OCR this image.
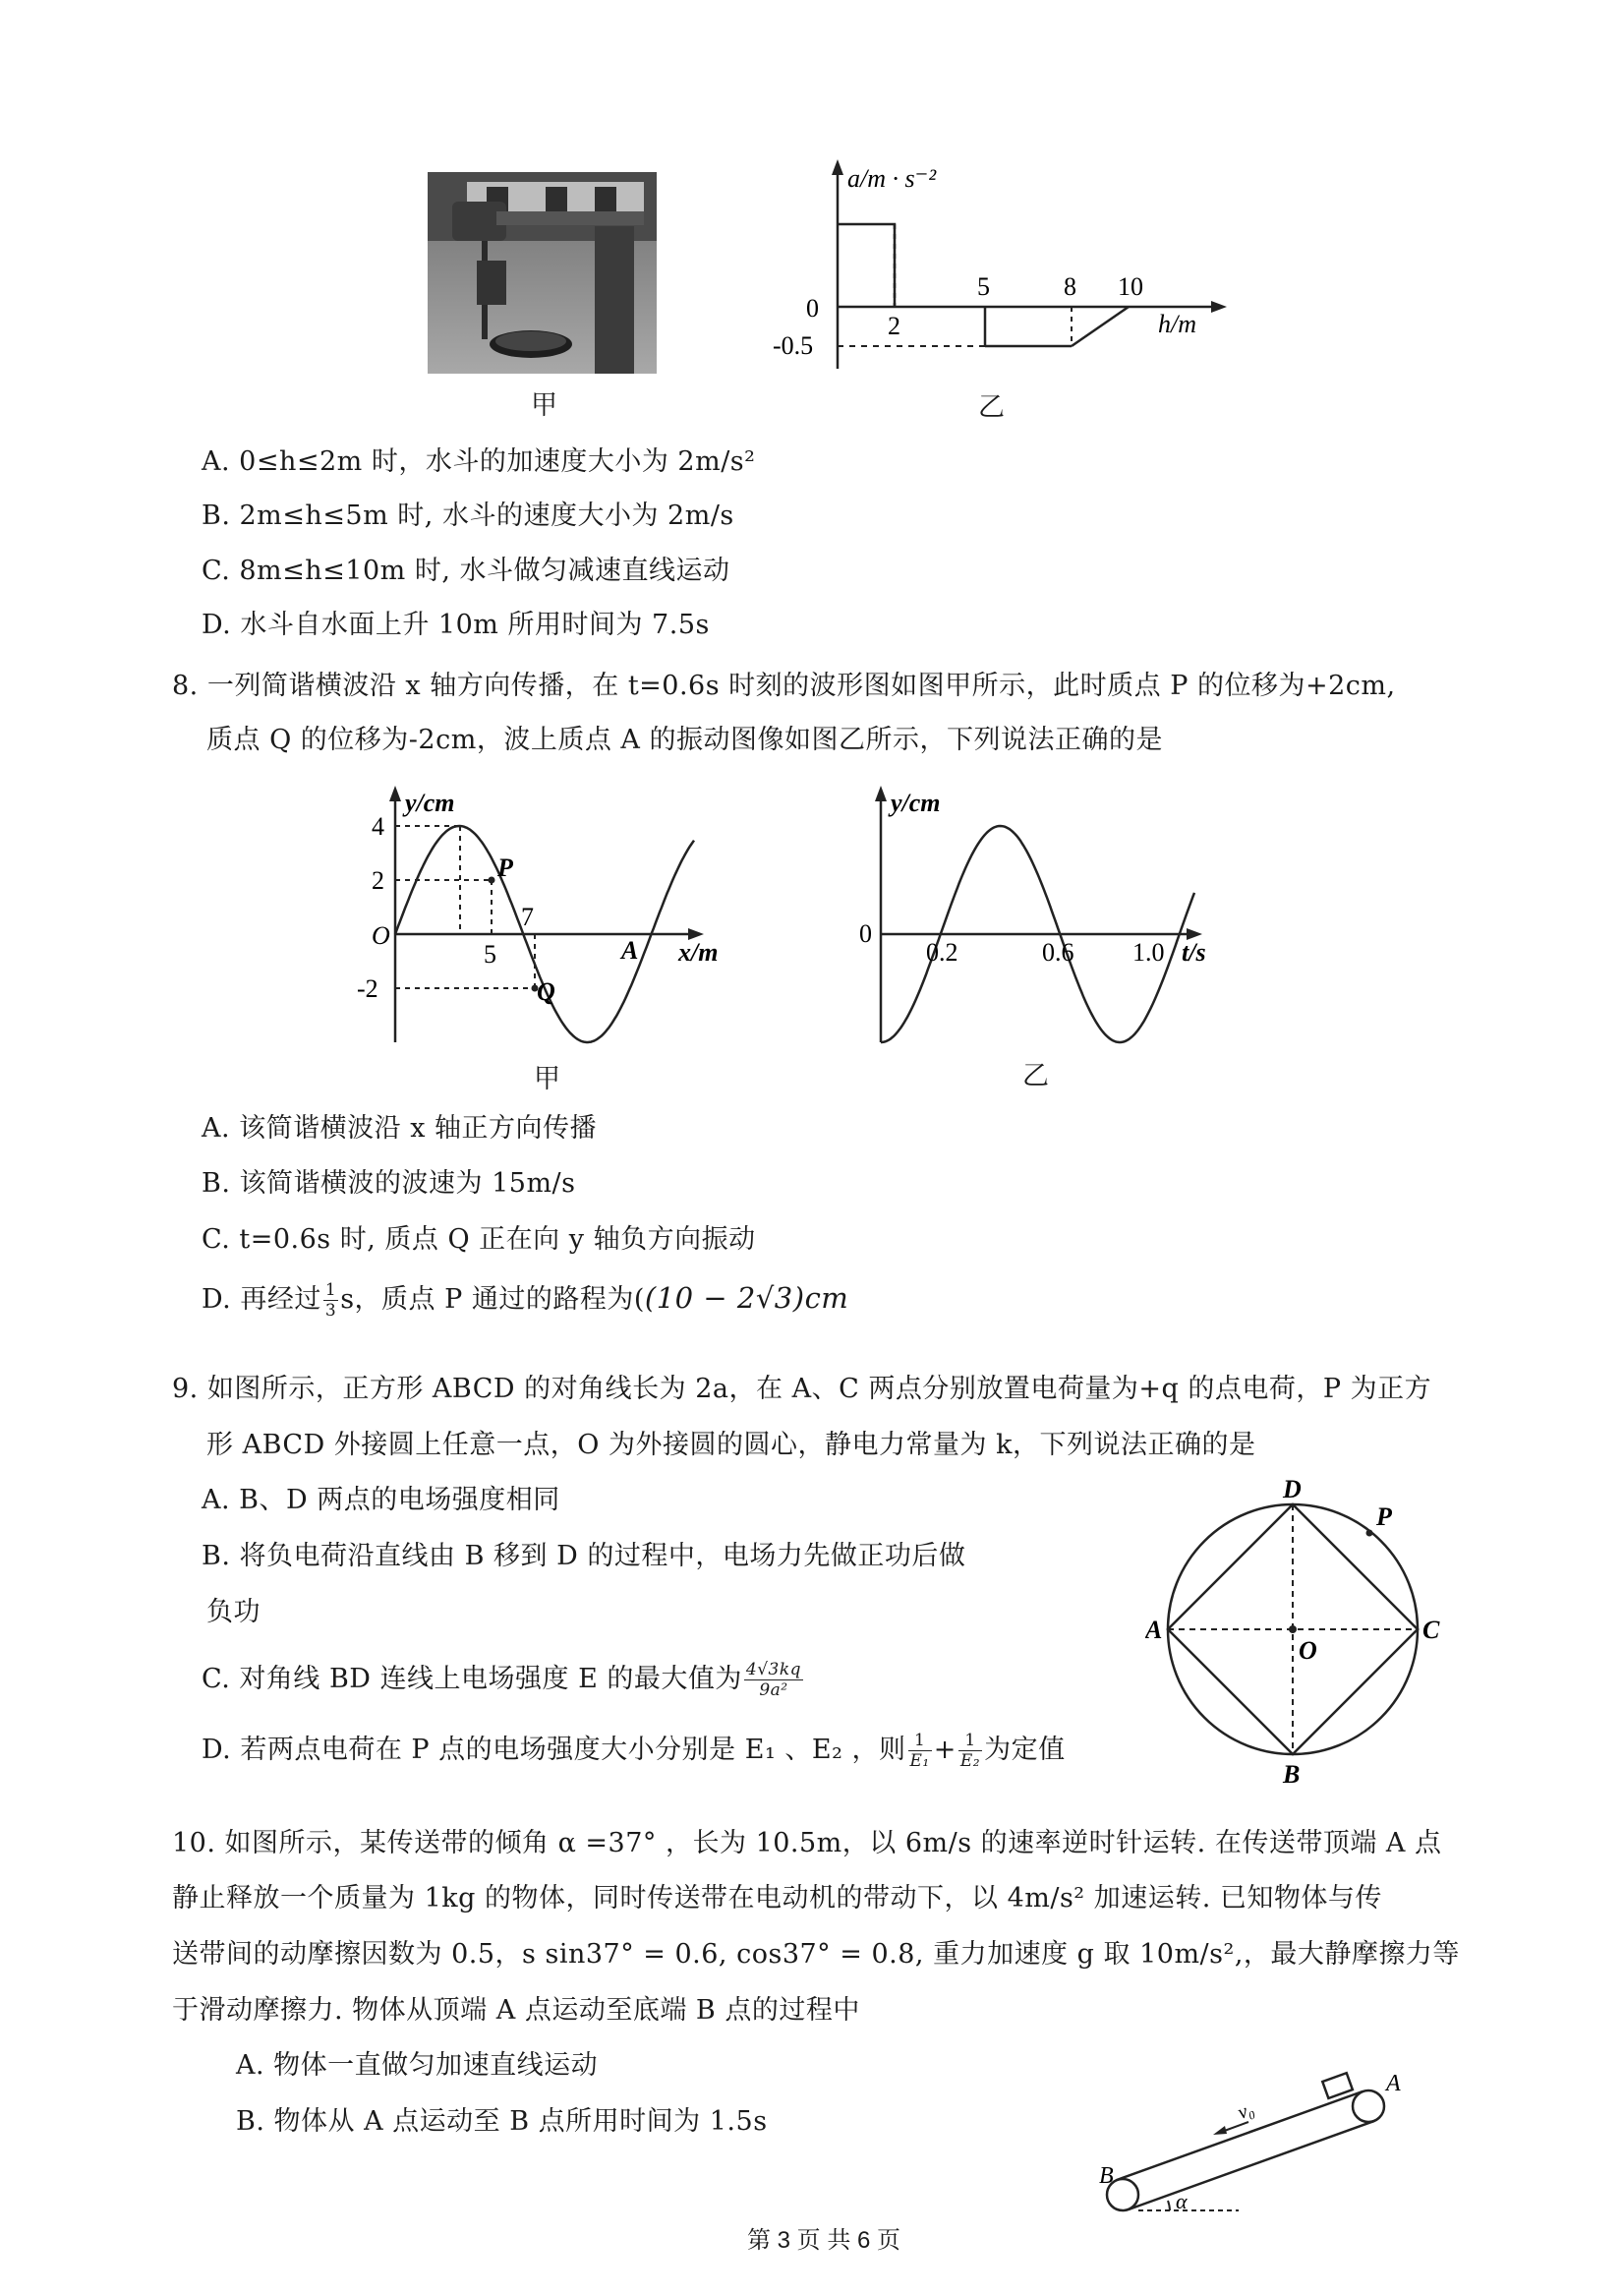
甲
a/m · s⁻²
0
-0.5
2
5	8 10
h/m
乙
A. 0≤h≤2m 时，水斗的加速度大小为 2m/s²
B. 2m≤h≤5m 时, 水斗的速度大小为 2m/s
C. 8m≤h≤10m 时, 水斗做匀减速直线运动
D. 水斗自水面上升 10m 所用时间为 7.5s
8. 一列简谐横波沿 x 轴方向传播，在 t=0.6s 时刻的波形图如图甲所示，此时质点 P 的位移为+2cm,
质点 Q 的位移为-2cm，波上质点 A 的振动图像如图乙所示，下列说法正确的是
y/cm
4
2
-2
O
5
7
P
Q
A x/m
甲
y/cm
0
0.2	0.6 1.0 t/s
乙
A. 该简谐横波沿 x 轴正方向传播
B. 该简谐横波的波速为 15m/s
C. t=0.6s 时, 质点 Q 正在向 y 轴负方向振动
D. 再经过 $\frac{1}{3}$ s，质点 P 通过的路程为((10 − 2√3)cm
9. 如图所示，正方形 ABCD 的对角线长为 2a，在 A、C 两点分别放置电荷量为+q 的点电荷，P 为正方
形 ABCD 外接圆上任意一点，O 为外接圆的圆心，静电力常量为 k，下列说法正确的是
A. B、D 两点的电场强度相同
B. 将负电荷沿直线由 B 移到 D 的过程中，电场力先做正功后做
负功
C. 对角线 BD 连线上电场强度 E 的最大值为 $\frac{4√3kq}{\text{9a²}}$
D. 若两点电荷在 P 点的电场强度大小分别是 E₁ 、E₂ ，则 $\frac{1}{\text{E₁}} + \frac{1}{\text{E₂}}$ 为定值
D
P
A	C
O
B
10. 如图所示，某传送带的倾角 α =37° ，长为 10.5m，以 6m/s 的速率逆时针运转. 在传送带顶端 A 点
静止释放一个质量为 1kg 的物体，同时传送带在电动机的带动下，以 4m/s² 加速运转. 已知物体与传
送带间的动摩擦因数为 0.5，s sin37° = 0.6, cos37° = 0.8, 重力加速度 g 取 10m/s²,，最大静摩擦力等
于滑动摩擦力. 物体从顶端 A 点运动至底端 B 点的过程中
A. 物体一直做匀加速直线运动
B. 物体从 A 点运动至 B 点所用时间为 1.5s
A
B
v₀
α
第 3 页 共 6 页
